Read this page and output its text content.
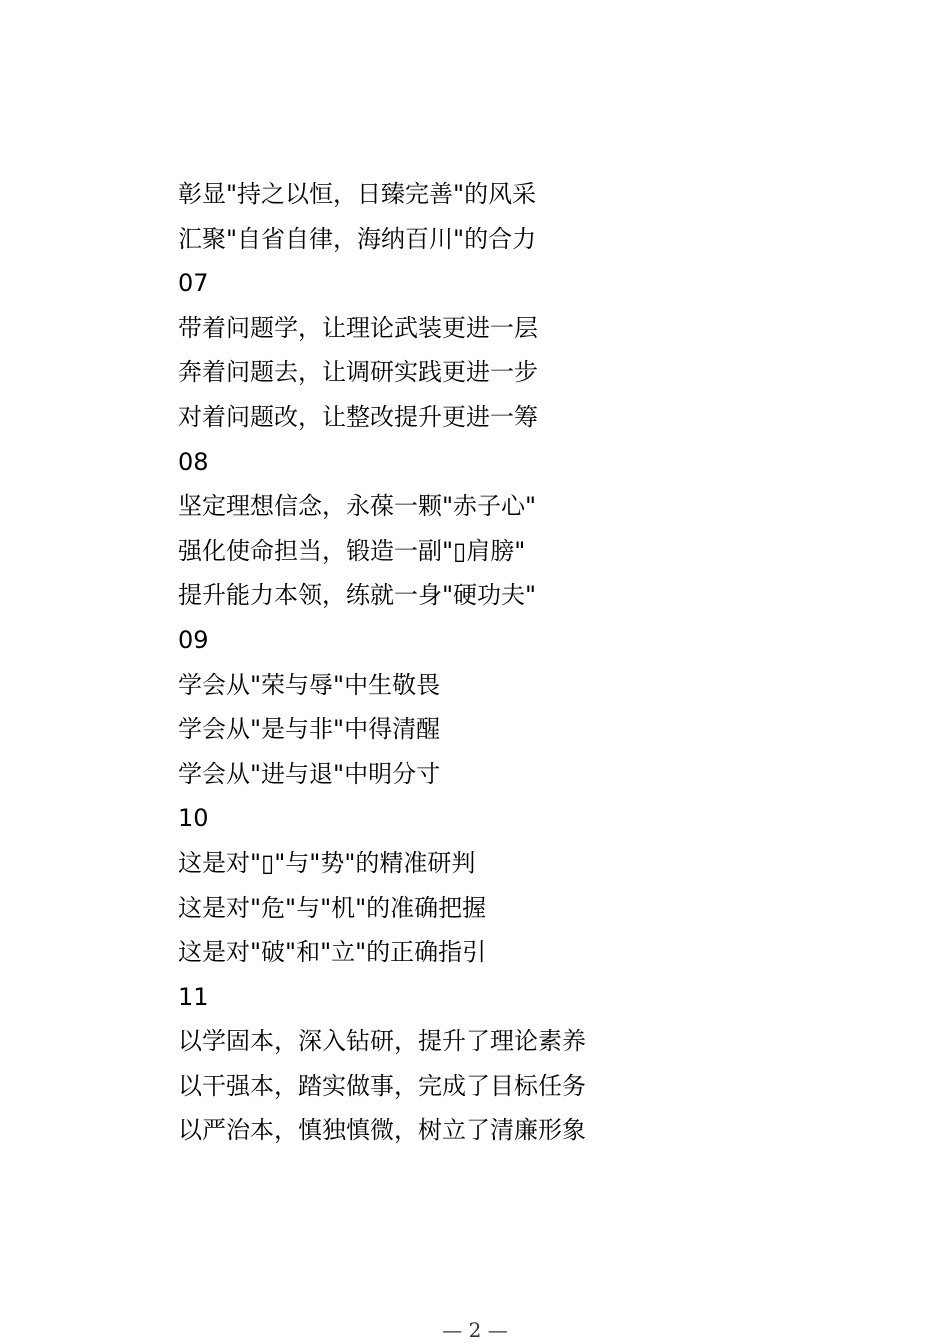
彰显"持之以恒，日臻完善"的风采
汇聚"自省自律，海纳百川"的合力
07
带着问题学，让理论武装更进一层
奔着问题去，让调研实践更进一步
对着问题改，让整改提升更进一筹
08
坚定理想信念，永葆一颗"赤子心"
强化使命担当，锻造一副"▯肩膀"
提升能力本领，练就一身"硬功夫"
09
学会从"荣与辱"中生敬畏
学会从"是与非"中得清醒
学会从"进与退"中明分寸
10
这是对"▯"与"势"的精准研判
这是对"危"与"机"的准确把握
这是对"破"和"立"的正确指引
11
以学固本，深入钻研，提升了理论素养
以干强本，踏实做事，完成了目标任务
以严治本，慎独慎微，树立了清廉形象
— 2 —
